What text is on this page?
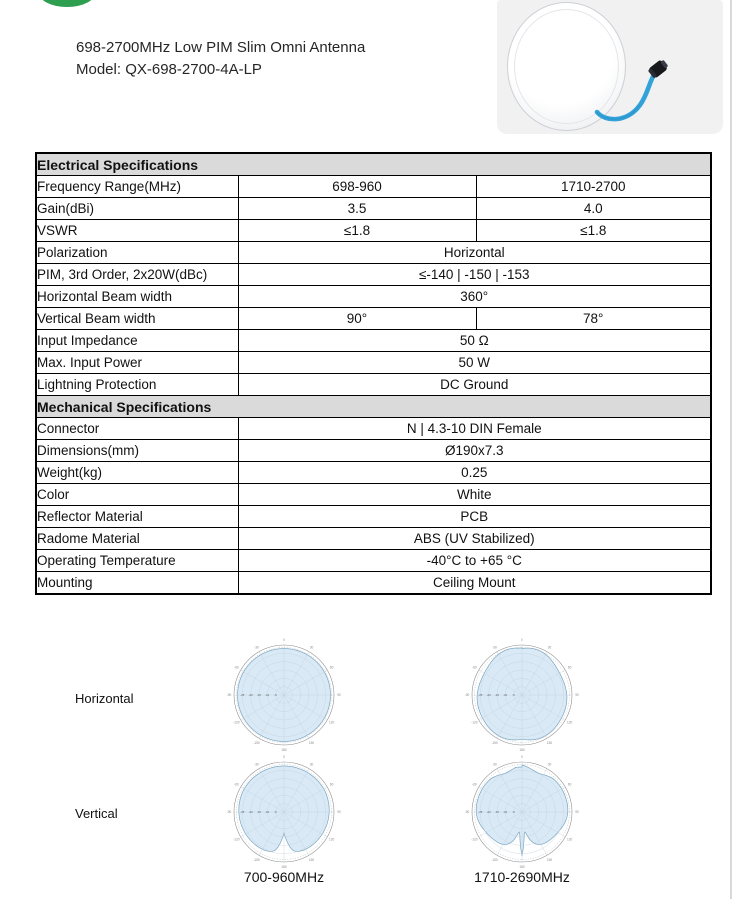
698-2700MHz Low PIM Slim Omni Antenna
Model: QX-698-2700-4A-LP
Electrical Specifications		
Frequency Range(MHz)	698-960	1710-2700
Gain(dBi)	3.5	4.0
VSWR	≤1.8	≤1.8
Polarization	Horizontal	
PIM, 3rd Order, 2x20W(dBc)	≤-140 | -150 | -153	
Horizontal Beam width	360°	
Vertical Beam width	90°	78°
Input Impedance	50 Ω	
Max. Input Power	50 W	
Lightning Protection	DC Ground	
Mechanical Specifications		
Connector	N | 4.3-10 DIN Female	
Dimensions(mm)	Ø190x7.3	
Weight(kg)	0.25	
Color	White	
Reflector Material	PCB	
Radome Material	ABS (UV Stabilized)	
Operating Temperature	-40°C to +65 °C	
Mounting	Ceiling Mount	
Horizontal
Vertical
0
30
60
90
120
150
180
-150
-120
-90
-60
-30
-25 -20 -15 -10 -5
0
30
60
90
120
150
180
-150
-120
-90
-60
-30
-25 -20 -15 -10 -5
0
30
60
90
120
150
180
-150
-120
-90
-60
-30
-25 -20 -15 -10 -5
0
30
60
90
120
150
180
-150
-120
-90
-60
-30
-25 -20 -15 -10 -5
700-960MHz	1710-2690MHz
